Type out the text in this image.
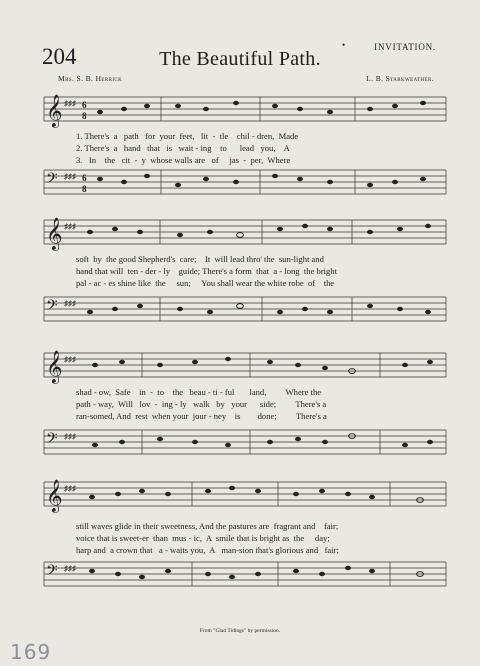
204	The Beautiful Path.
•	INVITATION.
Mrs. S. B. Herrick	L. B. Starkweather.
𝄞 ♯♯♯ 6
8
1. There's  a   path   for  your  feet,   lit  -  tle    chil - dren,  Made
2. There's  a   hand   that   is   wait - ing    to      lead   you,    A
3.   In    the   cit  -  y  whose walls are   of     jas  -  per,  Where
𝄢 ♯♯♯ 6
8
𝄞 ♯♯♯
soft  by  the good Shepherd's  care;    It  will lead thro' the  sun-light and
hand that will  ten - der - ly    guide; There's a form  that  a - long  the bright
pal - ac - es shine like  the     sun;     You shall wear the white robe  of    the
𝄢 ♯♯♯
𝄞 ♯♯♯
shad - ow,  Safe    in  -  to    the   beau - ti - ful       land,         Where the
path - way,  Will   lov  -  ing - ly   walk   by   your      side;         There's a
ran-somed, And  rest  when your  jour - ney    is        done;         There's a
𝄢 ♯♯♯
𝄞 ♯♯♯
still waves glide in their sweetness, And the pastures are  fragrant and    fair;
voice that is sweet-er  than  mus - ic,  A  smile that is bright as  the     day;
harp and  a crown that   a - waits you,  A   man-sion that's glorious and   fair;
𝄢 ♯♯♯
From "Glad Tidings" by permission.
169
